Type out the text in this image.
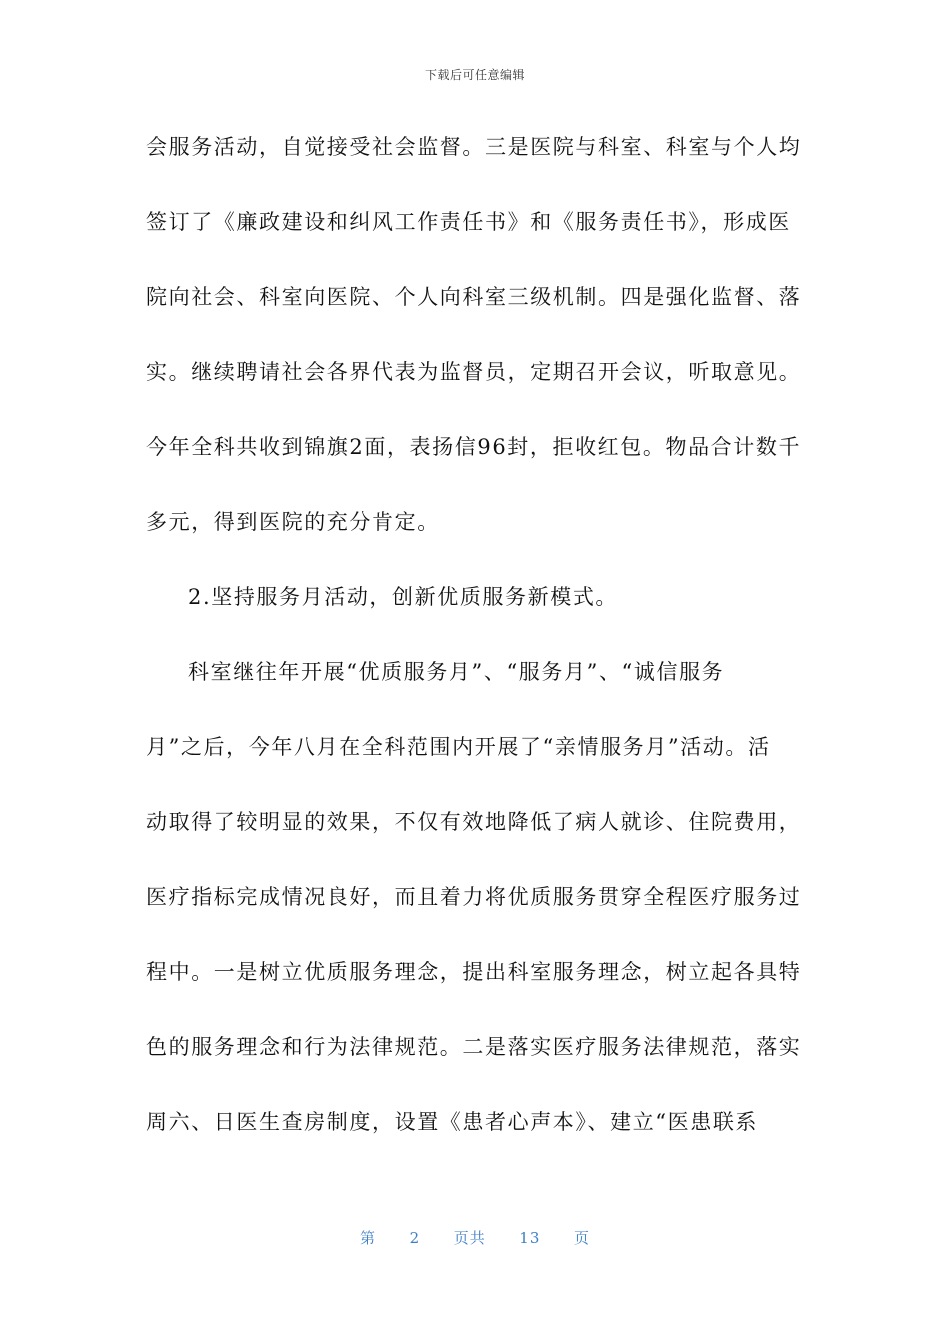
下载后可任意编辑
会服务活动，自觉接受社会监督。三是医院与科室、科室与个人均
签订了《廉政建设和纠风工作责任书》和《服务责任书》，形成医
院向社会、科室向医院、个人向科室三级机制。四是强化监督、落
实。继续聘请社会各界代表为监督员，定期召开会议，听取意见。
今年全科共收到锦旗2面，表扬信96封，拒收红包。物品合计数千
多元，得到医院的充分肯定。
2.坚持服务月活动，创新优质服务新模式。
科室继往年开展“优质服务月”、“服务月”、“诚信服务
月”之后，今年八月在全科范围内开展了“亲情服务月”活动。活
动取得了较明显的效果，不仅有效地降低了病人就诊、住院费用，
医疗指标完成情况良好，而且着力将优质服务贯穿全程医疗服务过
程中。一是树立优质服务理念，提出科室服务理念，树立起各具特
色的服务理念和行为法律规范。二是落实医疗服务法律规范，落实
周六、日医生查房制度，设置《患者心声本》、建立“医患联系
第 2 页共 13 页
